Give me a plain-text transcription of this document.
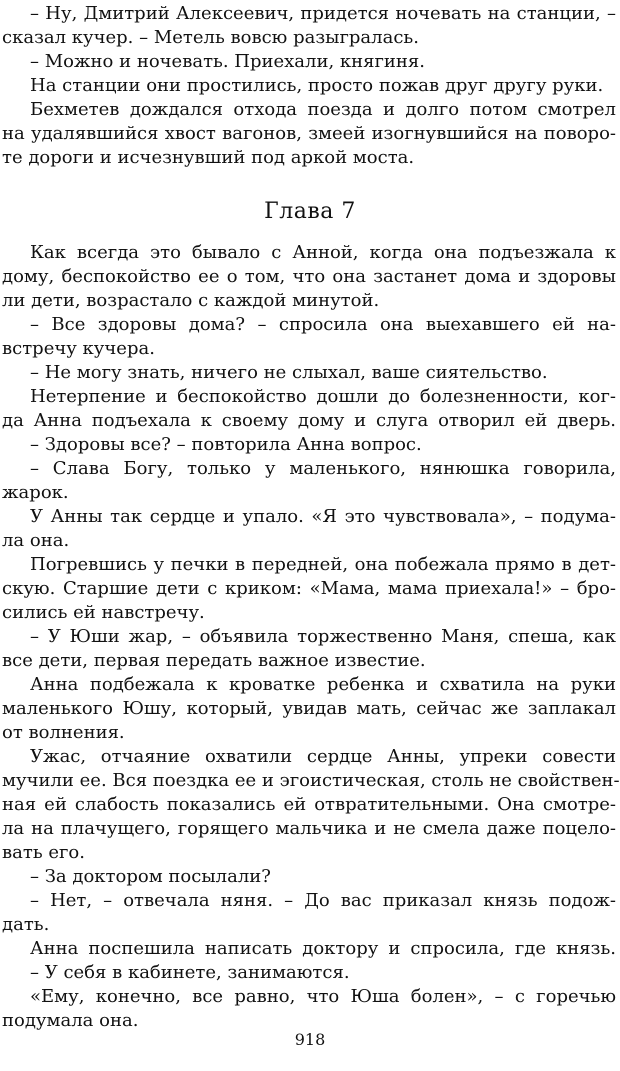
– Ну, Дмитрий Алексеевич, придется ночевать на станции, –
сказал кучер. – Метель вовсю разыгралась.
– Можно и ночевать. Приехали, княгиня.
На станции они простились, просто пожав друг другу руки.
Бехметев дождался отхода поезда и долго потом смотрел
на удалявшийся хвост вагонов, змеей изогнувшийся на поворо-
те дороги и исчезнувший под аркой моста.
Глава 7
Как всегда это бывало с Анной, когда она подъезжала к
дому, беспокойство ее о том, что она застанет дома и здоровы
ли дети, возрастало с каждой минутой.
– Все здоровы дома? – спросила она выехавшего ей на-
встречу кучера.
– Не могу знать, ничего не слыхал, ваше сиятельство.
Нетерпение и беспокойство дошли до болезненности, ког-
да Анна подъехала к своему дому и слуга отворил ей дверь.
– Здоровы все? – повторила Анна вопрос.
– Слава Богу, только у маленького, нянюшка говорила,
жарок.
У Анны так сердце и упало. «Я это чувствовала», – подума-
ла она.
Погревшись у печки в передней, она побежала прямо в дет-
скую. Старшие дети с криком: «Мама, мама приехала!» – бро-
сились ей навстречу.
– У Юши жар, – объявила торжественно Маня, спеша, как
все дети, первая передать важное известие.
Анна подбежала к кроватке ребенка и схватила на руки
маленького Юшу, который, увидав мать, сейчас же заплакал
от волнения.
Ужас, отчаяние охватили сердце Анны, упреки совести
мучили ее. Вся поездка ее и эгоистическая, столь не свойствен-
ная ей слабость показались ей отвратительными. Она смотре-
ла на плачущего, горящего мальчика и не смела даже поцело-
вать его.
– За доктором посылали?
– Нет, – отвечала няня. – До вас приказал князь подож-
дать.
Анна поспешила написать доктору и спросила, где князь.
– У себя в кабинете, занимаются.
«Ему, конечно, все равно, что Юша болен», – с горечью
подумала она.
918
